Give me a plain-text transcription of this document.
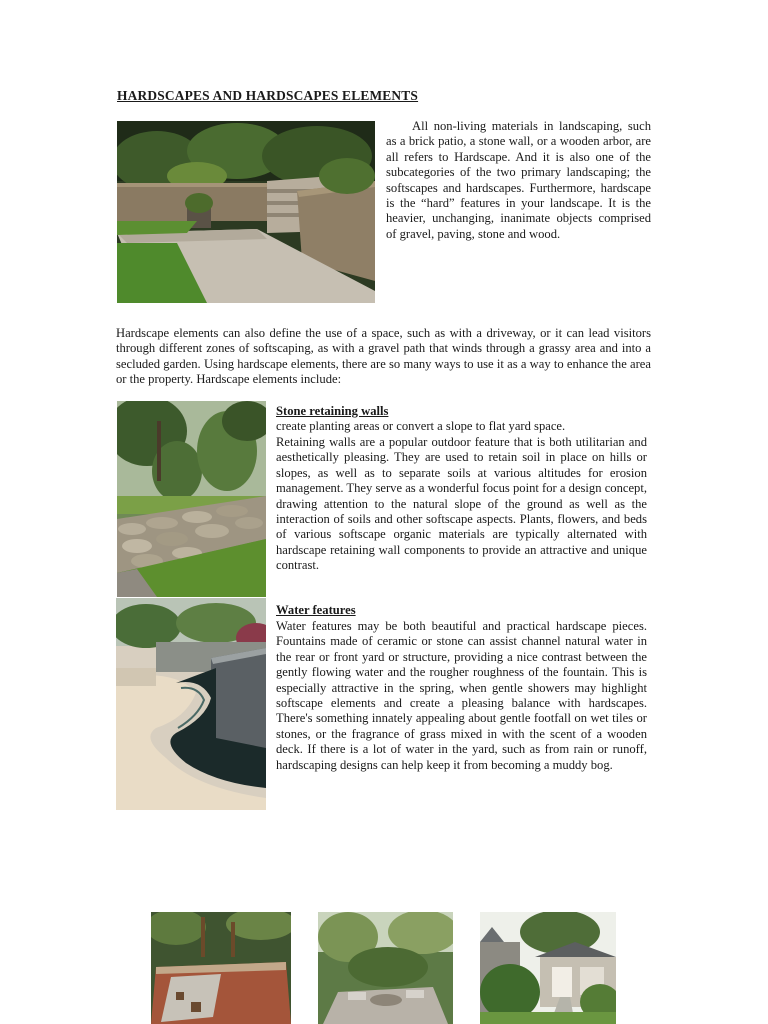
HARDSCAPES AND HARDSCAPES ELEMENTS

All non-living materials in landscaping, such as a brick patio, a stone wall, or a wooden arbor, are all refers to Hardscape. And it is also one of the subcategories of the two primary landscaping; the softscapes and hardscapes. Furthermore, hardscape is the “hard” features in your landscape. It is the heavier, unchanging, inanimate objects comprised of gravel, paving, stone and wood.

Hardscape elements can also define the use of a space, such as with a driveway, or it can lead visitors through different zones of softscaping, as with a gravel path that winds through a grassy area and into a secluded garden. Using hardscape elements, there are so many ways to use it as a way to enhance the area or the property. Hardscape elements include:

Stone retaining walls

create planting areas or convert a slope to flat yard space.

Retaining walls are a popular outdoor feature that is both utilitarian and aesthetically pleasing. They are used to retain soil in place on hills or slopes, as well as to separate soils at various altitudes for erosion management. They serve as a wonderful focus point for a design concept, drawing attention to the natural slope of the ground as well as the interaction of soils and other softscape aspects. Plants, flowers, and beds of various softscape organic materials are typically alternated with hardscape retaining wall components to provide an attractive and unique contrast.

Water features

Water features may be both beautiful and practical hardscape pieces. Fountains made of ceramic or stone can assist channel natural water in the rear or front yard or structure, providing a nice contrast between the gently flowing water and the rougher roughness of the fountain. This is especially attractive in the spring, when gentle showers may highlight softscape elements and create a pleasing balance with hardscapes. There's something innately appealing about gentle footfall on wet tiles or stones, or the fragrance of grass mixed in with the scent of a wooden deck. If there is a lot of water in the yard, such as from rain or runoff, hardscaping designs can help keep it from becoming a muddy bog.
